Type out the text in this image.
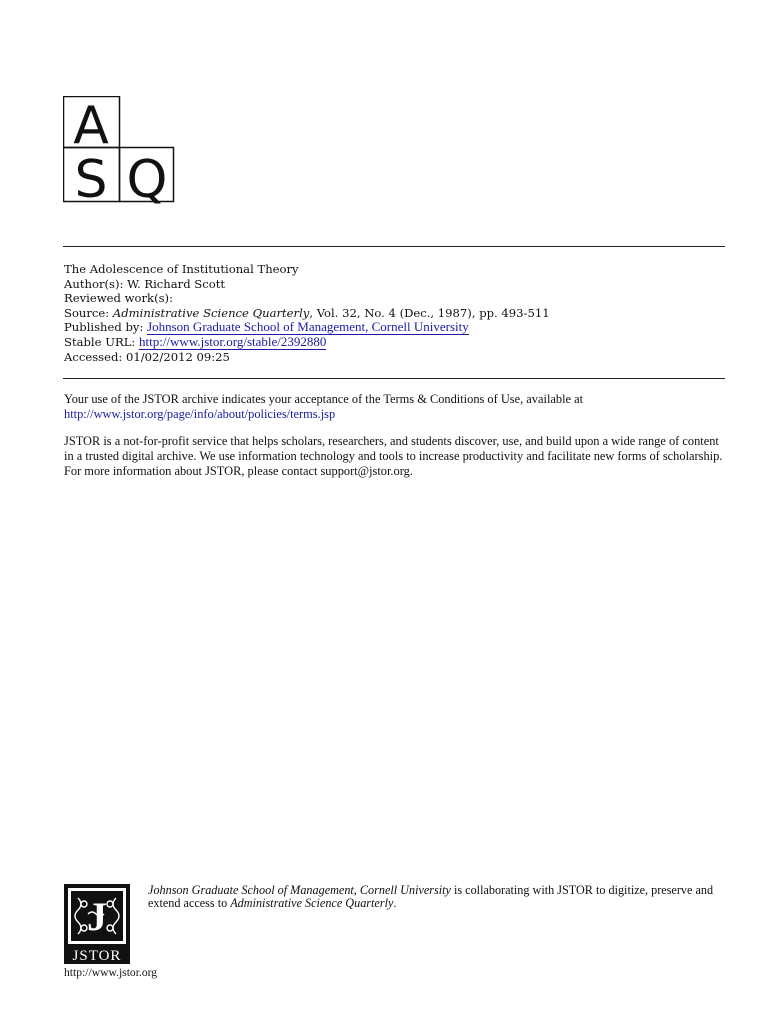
A
S Q
The Adolescence of Institutional Theory
Author(s): W. Richard Scott
Reviewed work(s):
Source: Administrative Science Quarterly, Vol. 32, No. 4 (Dec., 1987), pp. 493-511
Published by: Johnson Graduate School of Management, Cornell University
Stable URL: http://www.jstor.org/stable/2392880
Accessed: 01/02/2012 09:25

Your use of the JSTOR archive indicates your acceptance of the Terms & Conditions of Use, available at
http://www.jstor.org/page/info/about/policies/terms.jsp

JSTOR is a not-for-profit service that helps scholars, researchers, and students discover, use, and build upon a wide range of content in a trusted digital archive. We use information technology and tools to increase productivity and facilitate new forms of scholarship. For more information about JSTOR, please contact support@jstor.org.

J
JSTOR
®
Johnson Graduate School of Management, Cornell University is collaborating with JSTOR to digitize, preserve and extend access to Administrative Science Quarterly.
http://www.jstor.org
